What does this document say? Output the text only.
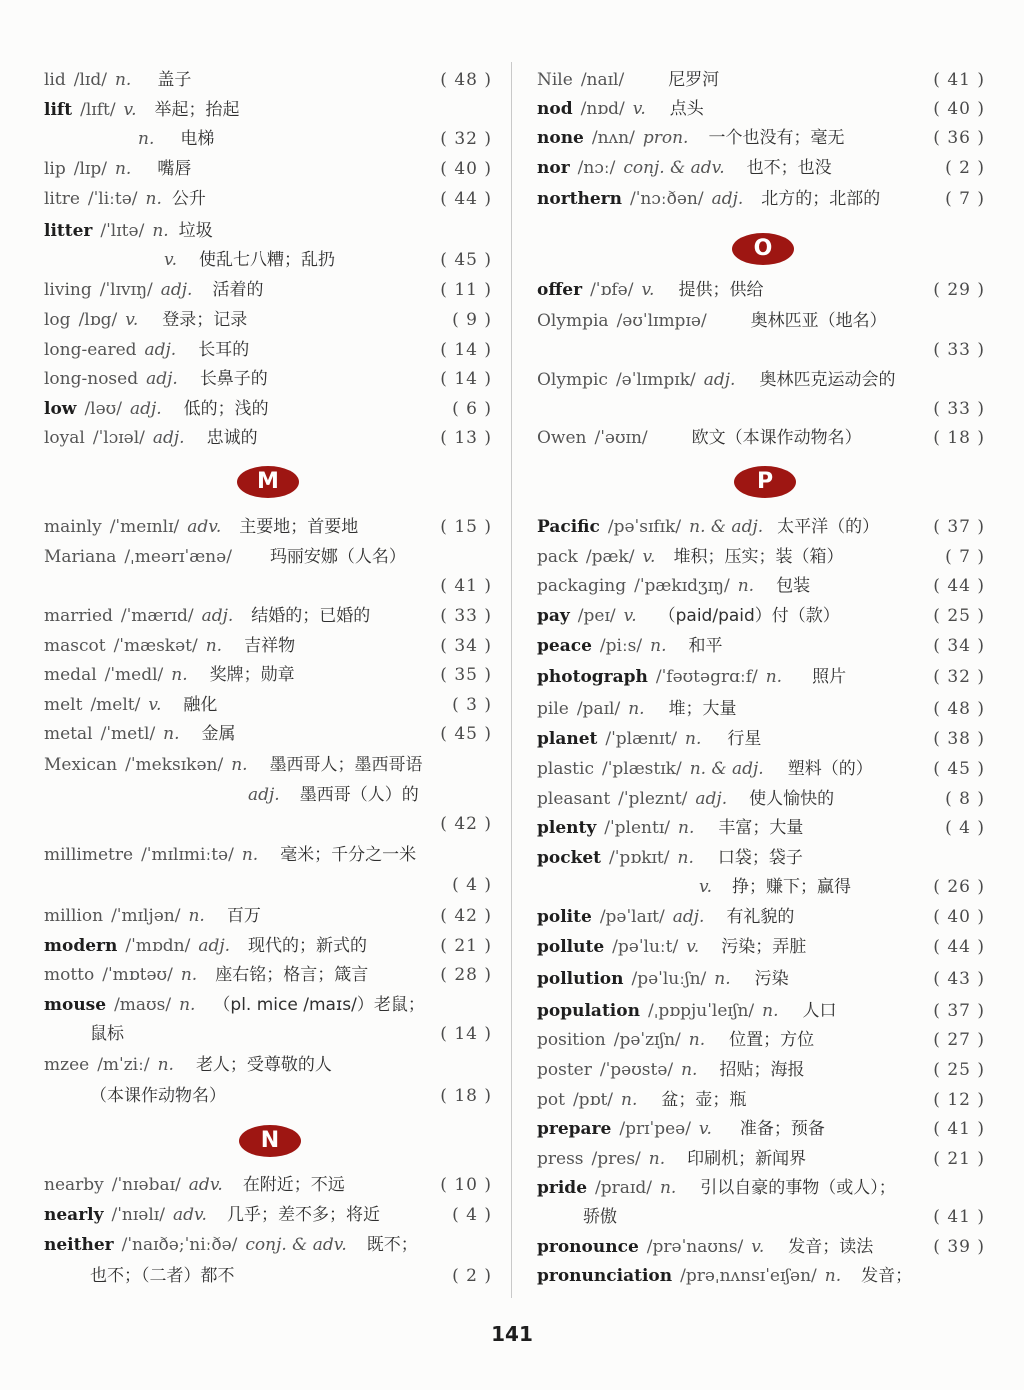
lid /lɪd/ n. 盖子	( 48 )
lift /lɪft/ v. 举起；抬起
n. 电梯	( 32 )
lip /lɪp/ n. 嘴唇	( 40 )
litre /ˈliːtə/ n. 公升	( 44 )
litter /ˈlɪtə/ n. 垃圾
v. 使乱七八糟；乱扔	( 45 )
living /ˈlɪvɪŋ/ adj. 活着的	( 11 )
log /lɒg/ v. 登录；记录	( 9 )
long-eared adj. 长耳的	( 14 )
long-nosed adj. 长鼻子的	( 14 )
low /ləʊ/ adj. 低的；浅的	( 6 )
loyal /ˈlɔɪəl/ adj. 忠诚的	( 13 )
M
mainly /ˈmeɪnlɪ/ adv. 主要地；首要地	( 15 )
Mariana /ˌmeərɪˈænə/ 玛丽安娜（人名）
( 41 )
married /ˈmærɪd/ adj. 结婚的；已婚的	( 33 )
mascot /ˈmæskət/ n. 吉祥物	( 34 )
medal /ˈmedl/ n. 奖牌；勋章	( 35 )
melt /melt/ v. 融化	( 3 )
metal /ˈmetl/ n. 金属	( 45 )
Mexican /ˈmeksɪkən/ n. 墨西哥人；墨西哥语
adj. 墨西哥（人）的
( 42 )
millimetre /ˈmɪlɪmiːtə/ n. 毫米；千分之一米
( 4 )
million /ˈmɪljən/ n. 百万	( 42 )
modern /ˈmɒdn/ adj. 现代的；新式的	( 21 )
motto /ˈmɒtəʊ/ n. 座右铭；格言；箴言	( 28 )
mouse /maʊs/ n. （pl. mice /maɪs/）老鼠；
鼠标	( 14 )
mzee /mˈziː/ n. 老人；受尊敬的人
（本课作动物名）	( 18 )
N
nearby /ˈnɪəbaɪ/ adv. 在附近；不远	( 10 )
nearly /ˈnɪəlɪ/ adv. 几乎；差不多；将近	( 4 )
neither /ˈnaɪðə;ˈniːðə/ conj. & adv. 既不；
也不；（二者）都不	( 2 )
Nile /naɪl/	尼罗河	( 41 )
nod /nɒd/ v. 点头	( 40 )
none /nʌn/ pron. 一个也没有；毫无	( 36 )
nor /nɔː/ conj. & adv. 也不；也没	( 2 )
northern /ˈnɔːðən/ adj. 北方的；北部的	( 7 )
O
offer /ˈɒfə/ v. 提供；供给	( 29 )
Olympia /əʊˈlɪmpɪə/	奥林匹亚（地名）
( 33 )
Olympic /əˈlɪmpɪk/ adj. 奥林匹克运动会的
( 33 )
Owen /ˈəʊɪn/	欧文（本课作动物名）	( 18 )
P
Pacific /pəˈsɪfɪk/ n. & adj. 太平洋（的）	( 37 )
pack /pæk/ v. 堆积；压实；装（箱）	( 7 )
packaging /ˈpækɪdʒɪŋ/ n. 包装	( 44 )
pay /peɪ/ v. （paid/paid）付（款）	( 25 )
peace /piːs/ n. 和平	( 34 )
photograph /ˈfəʊtəgrɑːf/ n. 照片	( 32 )
pile /paɪl/ n. 堆；大量	( 48 )
planet /ˈplænɪt/ n. 行星	( 38 )
plastic /ˈplæstɪk/ n. & adj. 塑料（的）	( 45 )
pleasant /ˈpleznt/ adj. 使人愉快的	( 8 )
plenty /ˈplentɪ/ n. 丰富；大量	( 4 )
pocket /ˈpɒkɪt/ n. 口袋；袋子
v. 挣；赚下；赢得	( 26 )
polite /pəˈlaɪt/ adj. 有礼貌的	( 40 )
pollute /pəˈluːt/ v. 污染；弄脏	( 44 )
pollution /pəˈluːʃn/ n. 污染	( 43 )
population /ˌpɒpjuˈleɪʃn/ n. 人口	( 37 )
position /pəˈzɪʃn/ n. 位置；方位	( 27 )
poster /ˈpəʊstə/ n. 招贴；海报	( 25 )
pot /pɒt/ n. 盆；壶；瓶	( 12 )
prepare /prɪˈpeə/ v. 准备；预备	( 41 )
press /pres/ n. 印刷机；新闻界	( 21 )
pride /praɪd/ n. 引以自豪的事物（或人）；
骄傲	( 41 )
pronounce /prəˈnaʊns/ v. 发音；读法	( 39 )
pronunciation /prəˌnʌnsɪˈeɪʃən/ n. 发音；
141
